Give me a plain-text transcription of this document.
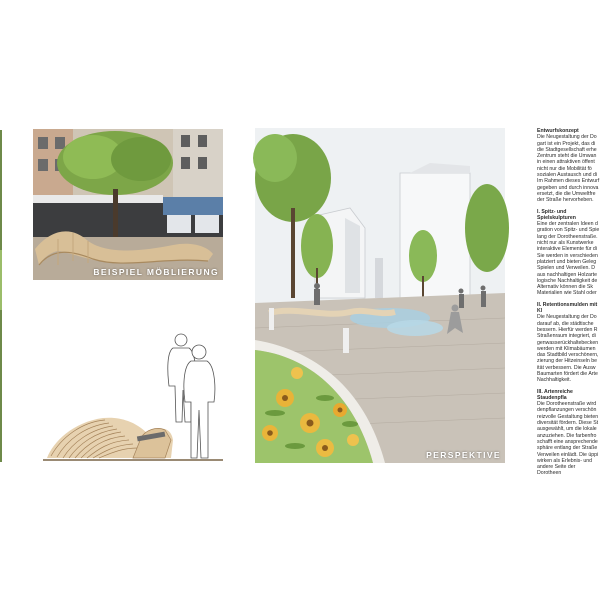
BEISPIEL MÖBLIERUNG
PERSPEKTIVE
Entwurfskonzept
Die Neugestaltung der Do
gart ist ein Projekt, das di
die Stadtgesellschaft erhe
Zentrum steht die Umwan
in einen attraktiven öffent
nicht nur die Mobilität fö
sozialen Austausch und di
Im Rahmen dieses Entwurf
gegeben und durch innova
ersetzt, die die Umweltfre
der Straße hervorheben.
I. Spitz- und Spielskulpturen
Eine der zentralen Ideen d
gration von Spitz- und Spie
lang der Dorotheenstraße.
nicht nur als Kunstwerke
interaktive Elemente für di
Sie werden in verschieden
platziert und bieten Geleg
Spielen und Verweilen. D
aus nachhaltigen Holzarte
logische Nachhaltigkeit de
Alternativ können die Sk
Materialien wie Stahl oder
II. Retentionsmulden mit Kl
Die Neugestaltung der Do
darauf ab, die städtische
bessern. Hierfür werden R
Straßenraum integriert, di
genwasserückhaltebecken
werden mit Klimabäumen
das Stadtbild verschönern,
zierung der Hitzeinseln be
ität verbessern. Die Ausw
Baumarten fördert die Arte
Nachhaltigkeit.
III. Artenreiche Staudenpfla
Die Dorotheenstraße wird
denpflanzungen verschön
reizvolle Gestaltung bieten
diversität fördern. Diese St
ausgewählt, um die lokale
anzuziehen. Die farbenfro
schafft eine ansprechende
sphäre entlang der Straße
Verweilen einlädt. Die üppi
wirken als Erlebnis- und
andere Seite der Dorotheen
